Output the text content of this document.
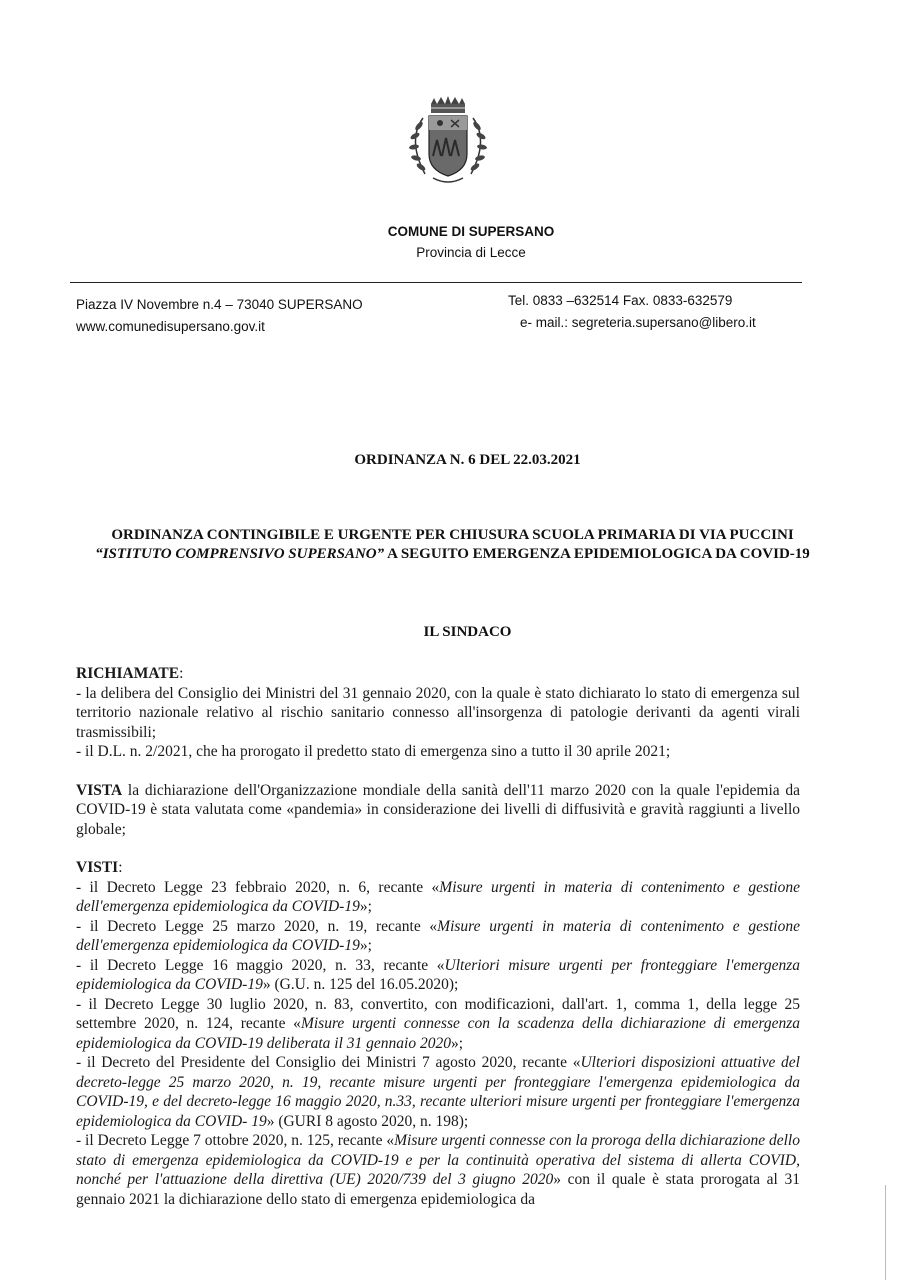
COMUNE DI SUPERSANO
Provincia di Lecce
Piazza IV Novembre n.4 – 73040 SUPERSANO
www.comunedisupersano.gov.it
Tel. 0833 –632514 Fax. 0833-632579
e- mail.: segreteria.supersano@libero.it
ORDINANZA N. 6 DEL 22.03.2021
ORDINANZA CONTINGIBILE E URGENTE PER CHIUSURA SCUOLA PRIMARIA DI VIA PUCCINI “ISTITUTO COMPRENSIVO SUPERSANO” A SEGUITO EMERGENZA EPIDEMIOLOGICA DA COVID-19
IL SINDACO

RICHIAMATE:

- la delibera del Consiglio dei Ministri del 31 gennaio 2020, con la quale è stato dichiarato lo stato di emergenza sul territorio nazionale relativo al rischio sanitario connesso all'insorgenza di patologie derivanti da agenti virali trasmissibili;

- il D.L. n. 2/2021, che ha prorogato il predetto stato di emergenza sino a tutto il 30 aprile 2021;

VISTA la dichiarazione dell'Organizzazione mondiale della sanità dell'11 marzo 2020 con la quale l'epidemia da COVID-19 è stata valutata come «pandemia» in considerazione dei livelli di diffusività e gravità raggiunti a livello globale;

VISTI:

- il Decreto Legge 23 febbraio 2020, n. 6, recante «Misure urgenti in materia di contenimento e gestione dell'emergenza epidemiologica da COVID-19»;

- il Decreto Legge 25 marzo 2020, n. 19, recante «Misure urgenti in materia di contenimento e gestione dell'emergenza epidemiologica da COVID-19»;

- il Decreto Legge 16 maggio 2020, n. 33, recante «Ulteriori misure urgenti per fronteggiare l'emergenza epidemiologica da COVID-19» (G.U. n. 125 del 16.05.2020);

- il Decreto Legge 30 luglio 2020, n. 83, convertito, con modificazioni, dall'art. 1, comma 1, della legge 25 settembre 2020, n. 124, recante «Misure urgenti connesse con la scadenza della dichiarazione di emergenza epidemiologica da COVID-19 deliberata il 31 gennaio 2020»;

- il Decreto del Presidente del Consiglio dei Ministri 7 agosto 2020, recante «Ulteriori disposizioni attuative del decreto-legge 25 marzo 2020, n. 19, recante misure urgenti per fronteggiare l'emergenza epidemiologica da COVID-19, e del decreto-legge 16 maggio 2020, n.33, recante ulteriori misure urgenti per fronteggiare l'emergenza epidemiologica da COVID- 19» (GURI 8 agosto 2020, n. 198);

- il Decreto Legge 7 ottobre 2020, n. 125, recante «Misure urgenti connesse con la proroga della dichiarazione dello stato di emergenza epidemiologica da COVID-19 e per la continuità operativa del sistema di allerta COVID, nonché per l'attuazione della direttiva (UE) 2020/739 del 3 giugno 2020» con il quale è stata prorogata al 31 gennaio 2021 la dichiarazione dello stato di emergenza epidemiologica da
